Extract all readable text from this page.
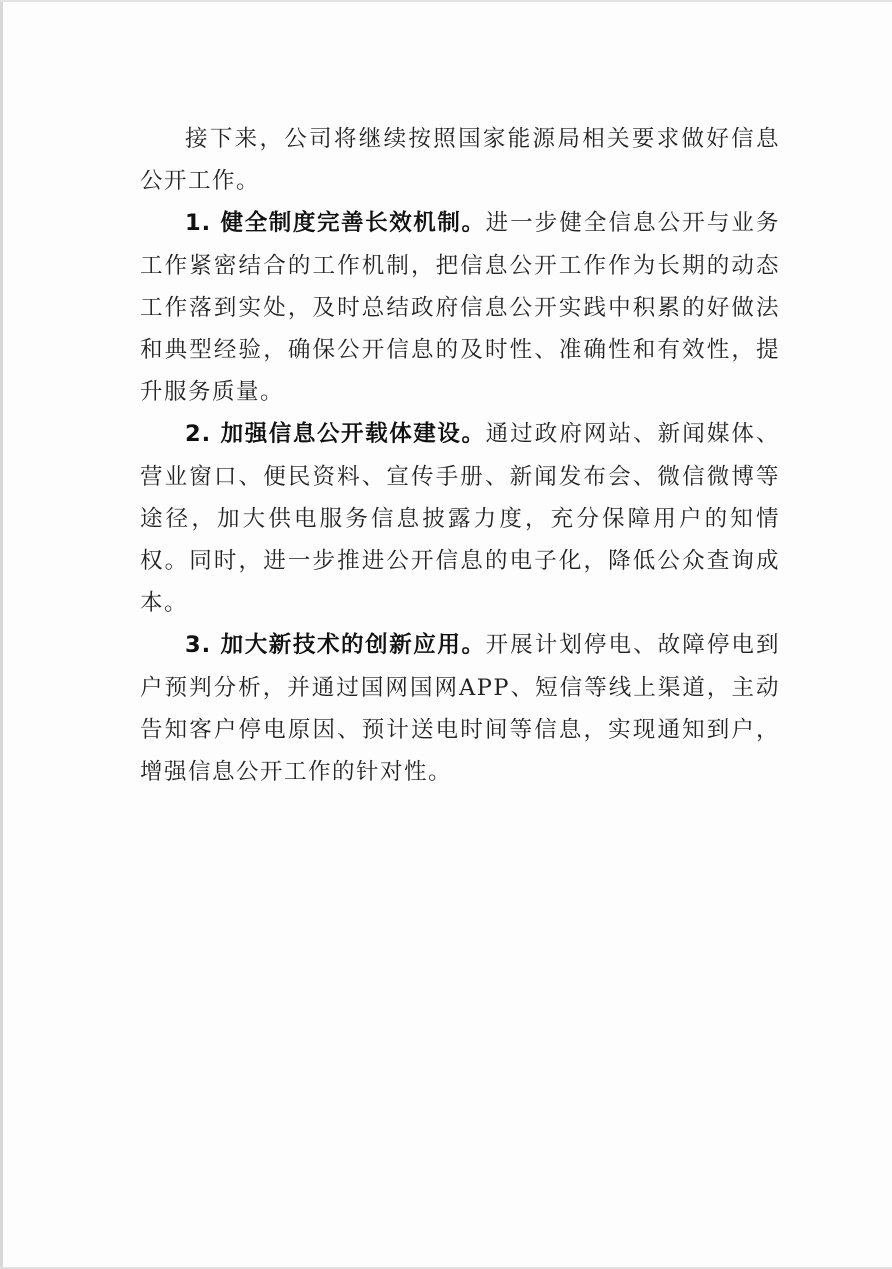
接下来，公司将继续按照国家能源局相关要求做好信息公开工作。

1. 健全制度完善长效机制。进一步健全信息公开与业务工作紧密结合的工作机制，把信息公开工作作为长期的动态工作落到实处，及时总结政府信息公开实践中积累的好做法和典型经验，确保公开信息的及时性、准确性和有效性，提升服务质量。

2. 加强信息公开载体建设。通过政府网站、新闻媒体、营业窗口、便民资料、宣传手册、新闻发布会、微信微博等途径，加大供电服务信息披露力度，充分保障用户的知情权。同时，进一步推进公开信息的电子化，降低公众查询成本。

3. 加大新技术的创新应用。开展计划停电、故障停电到户预判分析，并通过国网国网APP、短信等线上渠道，主动告知客户停电原因、预计送电时间等信息，实现通知到户，增强信息公开工作的针对性。
